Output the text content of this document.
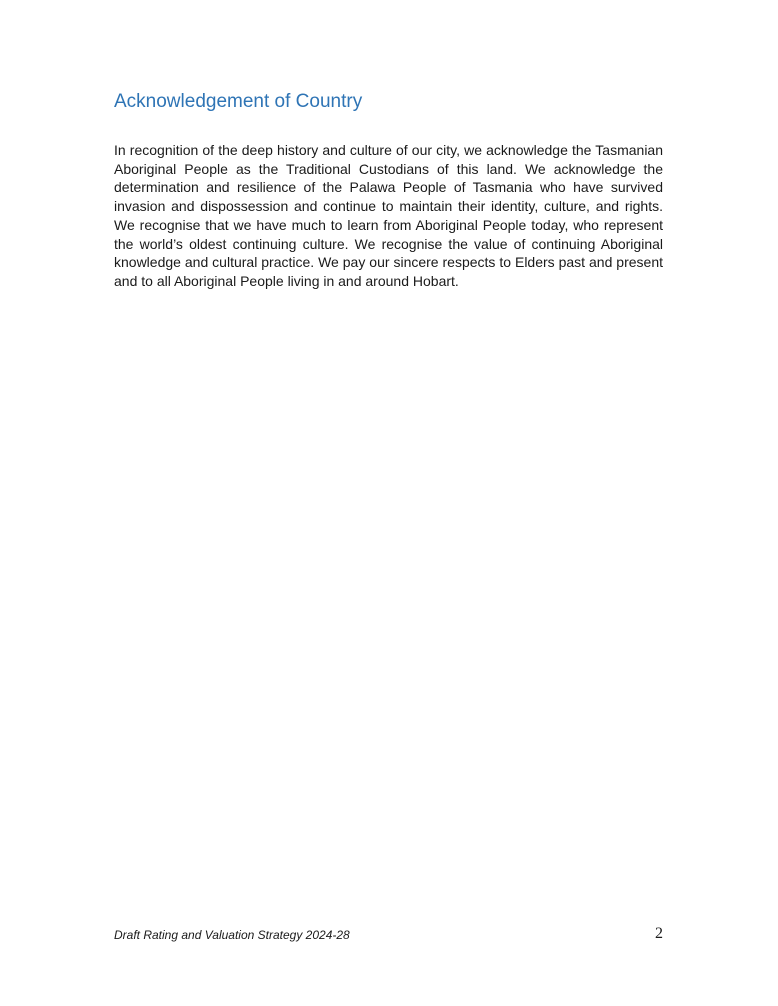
Acknowledgement of Country

In recognition of the deep history and culture of our city, we acknowledge the Tasmanian Aboriginal People as the Traditional Custodians of this land. We acknowledge the determination and resilience of the Palawa People of Tasmania who have survived invasion and dispossession and continue to maintain their identity, culture, and rights. We recognise that we have much to learn from Aboriginal People today, who represent the world’s oldest continuing culture. We recognise the value of continuing Aboriginal knowledge and cultural practice. We pay our sincere respects to Elders past and present and to all Aboriginal People living in and around Hobart.

Draft Rating and Valuation Strategy 2024-28	2
